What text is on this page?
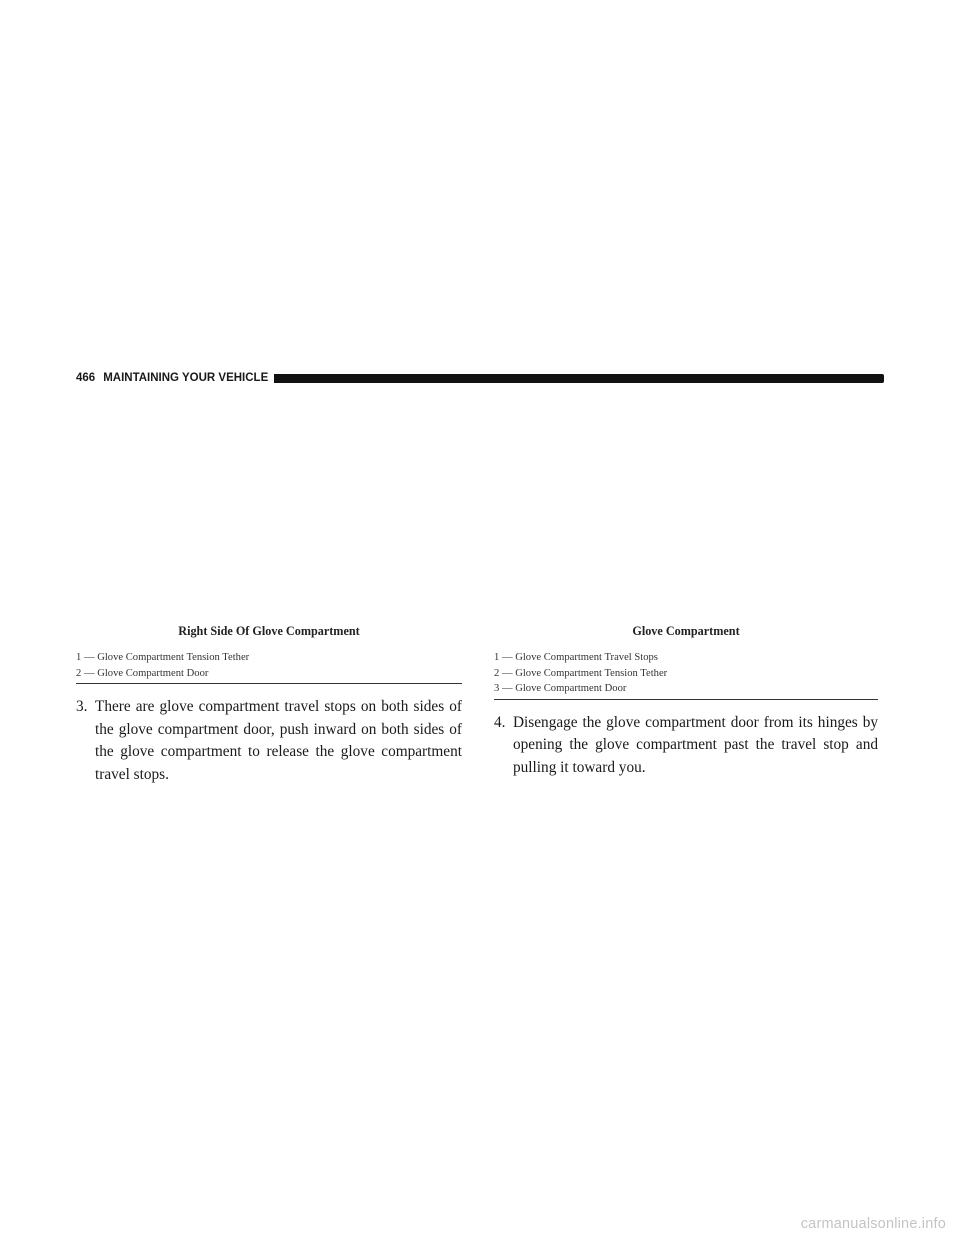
466 MAINTAINING YOUR VEHICLE
Right Side Of Glove Compartment
1 — Glove Compartment Tension Tether
2 — Glove Compartment Door

3. There are glove compartment travel stops on both sides of the glove compartment door, push inward on both sides of the glove compartment to release the glove compartment travel stops.

Glove Compartment
1 — Glove Compartment Travel Stops
2 — Glove Compartment Tension Tether
3 — Glove Compartment Door

4. Disengage the glove compartment door from its hinges by opening the glove compartment past the travel stop and pulling it toward you.

carmanualsonline.info
